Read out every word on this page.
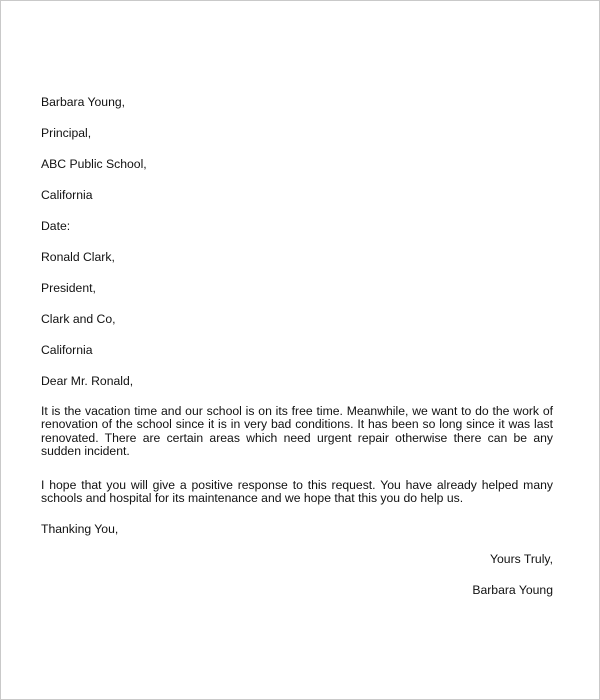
Barbara Young,
Principal,
ABC Public School,
California
Date:
Ronald Clark,
President,
Clark and Co,
California
Dear Mr. Ronald,

It is the vacation time and our school is on its free time. Meanwhile, we want to do the work of renovation of the school since it is in very bad conditions. It has been so long since it was last renovated. There are certain areas which need urgent repair otherwise there can be any sudden incident.

I hope that you will give a positive response to this request. You have already helped many schools and hospital for its maintenance and we hope that this you do help us.

Thanking You,
Yours Truly,
Barbara Young
